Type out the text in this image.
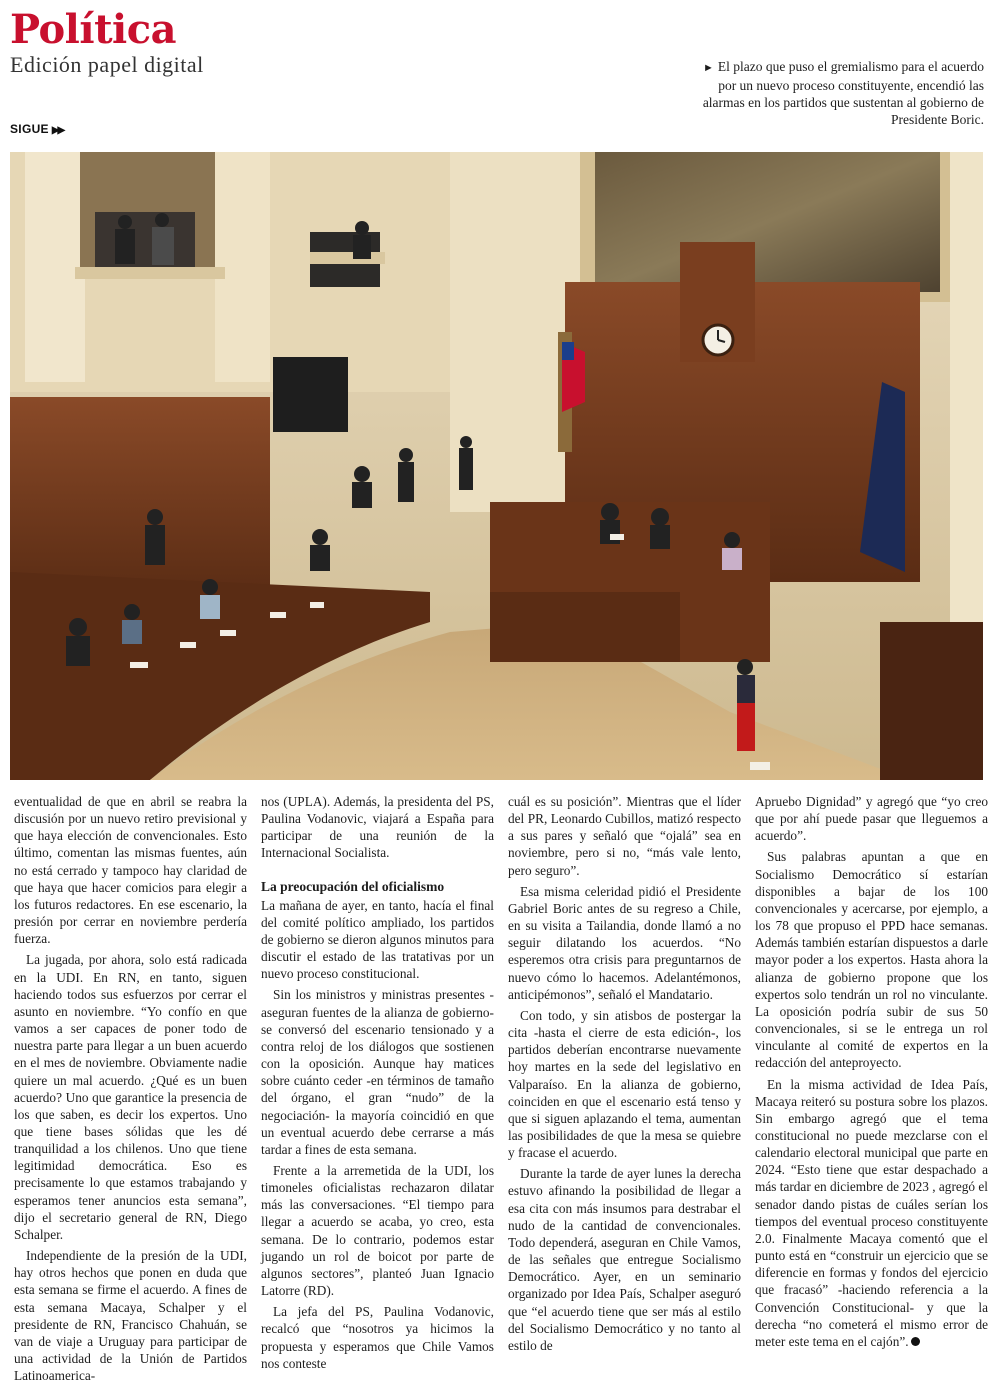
Política
Edición papel digital
SIGUE ▶▶
► El plazo que puso el gremialismo para el acuerdo por un nuevo proceso constituyente, encendió las alarmas en los partidos que sustentan al gobierno de Presidente Boric.

eventualidad de que en abril se reabra la discusión por un nuevo retiro previsional y que haya elección de convencionales. Esto último, comentan las mismas fuentes, aún no está cerrado y tampoco hay claridad de que haya que hacer comicios para elegir a los futuros redactores. En ese escenario, la presión por cerrar en noviembre perdería fuerza.

La jugada, por ahora, solo está radicada en la UDI. En RN, en tanto, siguen haciendo todos sus esfuerzos por cerrar el asunto en noviembre. “Yo confío en que vamos a ser capaces de poner todo de nuestra parte para llegar a un buen acuerdo en el mes de noviembre. Obviamente nadie quiere un mal acuerdo. ¿Qué es un buen acuerdo? Uno que garantice la presencia de los que saben, es decir los expertos. Uno que tiene bases sólidas que les dé tranquilidad a los chilenos. Uno que tiene legitimidad democrática. Eso es precisamente lo que estamos trabajando y esperamos tener anuncios esta semana”, dijo el secretario general de RN, Diego Schalper.

Independiente de la presión de la UDI, hay otros hechos que ponen en duda que esta semana se firme el acuerdo. A fines de esta semana Macaya, Schalper y el presidente de RN, Francisco Chahuán, se van de viaje a Uruguay para participar de una actividad de la Unión de Partidos Latinoamerica-

nos (UPLA). Además, la presidenta del PS, Paulina Vodanovic, viajará a España para participar de una reunión de la Internacional Socialista.

La preocupación del oficialismo

La mañana de ayer, en tanto, hacía el final del comité político ampliado, los partidos de gobierno se dieron algunos minutos para discutir el estado de las tratativas por un nuevo proceso constitucional.

Sin los ministros y ministras presentes -aseguran fuentes de la alianza de gobierno- se conversó del escenario tensionado y a contra reloj de los diálogos que sostienen con la oposición. Aunque hay matices sobre cuánto ceder -en términos de tamaño del órgano, el gran “nudo” de la negociación- la mayoría coincidió en que un eventual acuerdo debe cerrarse a más tardar a fines de esta semana.

Frente a la arremetida de la UDI, los timoneles oficialistas rechazaron dilatar más las conversaciones. “El tiempo para llegar a acuerdo se acaba, yo creo, esta semana. De lo contrario, podemos estar jugando un rol de boicot por parte de algunos sectores”, planteó Juan Ignacio Latorre (RD).

La jefa del PS, Paulina Vodanovic, recalcó que “nosotros ya hicimos la propuesta y esperamos que Chile Vamos nos conteste

cuál es su posición”. Mientras que el líder del PR, Leonardo Cubillos, matizó respecto a sus pares y señaló que “ojalá” sea en noviembre, pero si no, “más vale lento, pero seguro”.

Esa misma celeridad pidió el Presidente Gabriel Boric antes de su regreso a Chile, en su visita a Tailandia, donde llamó a no seguir dilatando los acuerdos. “No esperemos otra crisis para preguntarnos de nuevo cómo lo hacemos. Adelantémonos, anticipémonos”, señaló el Mandatario.

Con todo, y sin atisbos de postergar la cita -hasta el cierre de esta edición-, los partidos deberían encontrarse nuevamente hoy martes en la sede del legislativo en Valparaíso. En la alianza de gobierno, coinciden en que el escenario está tenso y que si siguen aplazando el tema, aumentan las posibilidades de que la mesa se quiebre y fracase el acuerdo.

Durante la tarde de ayer lunes la derecha estuvo afinando la posibilidad de llegar a esa cita con más insumos para destrabar el nudo de la cantidad de convencionales. Todo dependerá, aseguran en Chile Vamos, de las señales que entregue Socialismo Democrático. Ayer, en un seminario organizado por Idea País, Schalper aseguró que “el acuerdo tiene que ser más al estilo del Socialismo Democrático y no tanto al estilo de

Apruebo Dignidad” y agregó que “yo creo que por ahí puede pasar que lleguemos a acuerdo”.

Sus palabras apuntan a que en Socialismo Democrático sí estarían disponibles a bajar de los 100 convencionales y acercarse, por ejemplo, a los 78 que propuso el PPD hace semanas. Además también estarían dispuestos a darle mayor poder a los expertos. Hasta ahora la alianza de gobierno propone que los expertos solo tendrán un rol no vinculante. La oposición podría subir de sus 50 convencionales, si se le entrega un rol vinculante al comité de expertos en la redacción del anteproyecto.

En la misma actividad de Idea País, Macaya reiteró su postura sobre los plazos. Sin embargo agregó que el tema constitucional no puede mezclarse con el calendario electoral municipal que parte en 2024. “Esto tiene que estar despachado a más tardar en diciembre de 2023 , agregó el senador dando pistas de cuáles serían los tiempos del eventual proceso constituyente 2.0. Finalmente Macaya comentó que el punto está en “construir un ejercicio que se diferencie en formas y fondos del ejercicio que fracasó” -haciendo referencia a la Convención Constitucional- y que la derecha “no cometerá el mismo error de meter este tema en el cajón”.
